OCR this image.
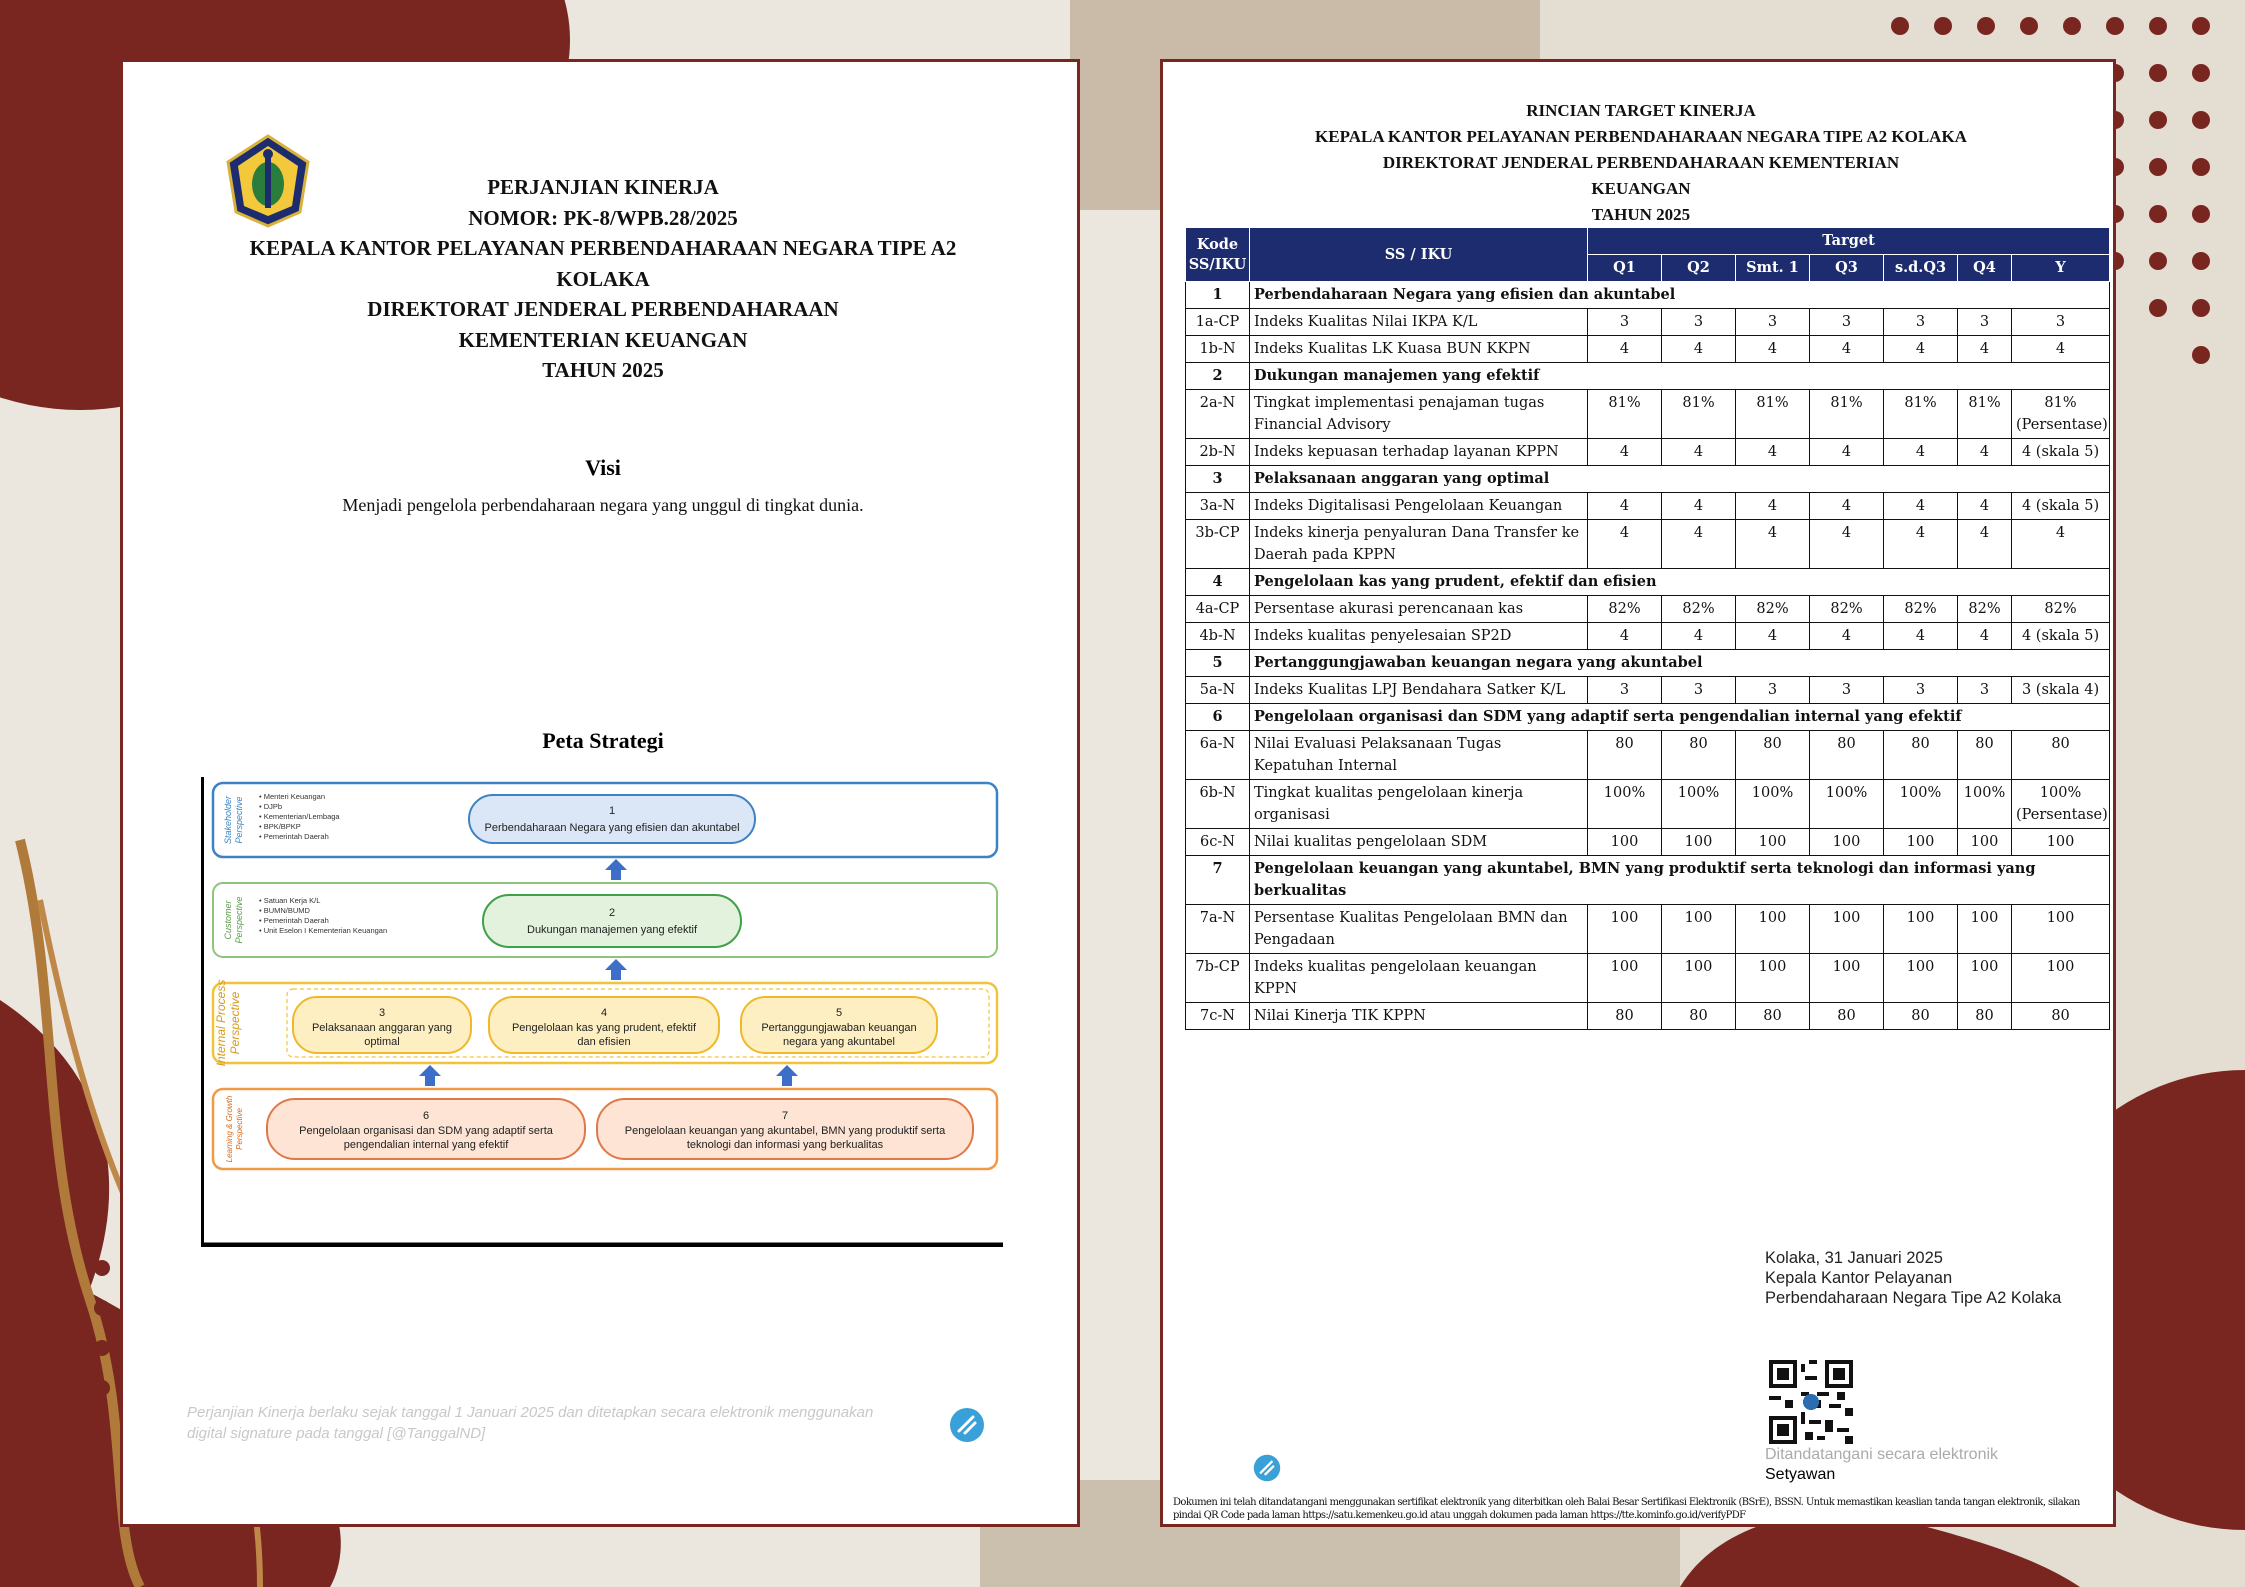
PERJANJIAN KINERJA
NOMOR: PK-8/WPB.28/2025
KEPALA KANTOR PELAYANAN PERBENDAHARAAN NEGARA TIPE A2
KOLAKA
DIREKTORAT JENDERAL PERBENDAHARAAN
KEMENTERIAN KEUANGAN
TAHUN 2025
Visi
Menjadi pengelola perbendaharaan negara yang unggul di tingkat dunia.
Peta Strategi
StakeholderPerspective
CustomerPerspective
Internal ProcessPerspective
Learning & GrowthPerspective
• Menteri Keuangan
• DJPb
• Kementerian/Lembaga
• BPK/BPKP
• Pemerintah Daerah
• Satuan Kerja K/L
• BUMN/BUMD
• Pemerintah Daerah
• Unit Eselon I Kementerian Keuangan
1 Perbendaharaan Negara yang efisien dan akuntabel
2 Dukungan manajemen yang efektif
3 Pelaksanaan anggaran yang optimal
4 Pengelolaan kas yang prudent, efektif dan efisien
5 Pertanggungjawaban keuangan negara yang akuntabel
6 Pengelolaan organisasi dan SDM yang adaptif serta pengendalian internal yang efektif
7 Pengelolaan keuangan yang akuntabel, BMN yang produktif serta teknologi dan informasi yang berkualitas
Perjanjian Kinerja berlaku sejak tanggal 1 Januari 2025 dan ditetapkan secara elektronik menggunakan
digital signature pada tanggal [@TanggalND]
RINCIAN TARGET KINERJA
KEPALA KANTOR PELAYANAN PERBENDAHARAAN NEGARA TIPE A2 KOLAKA
DIREKTORAT JENDERAL PERBENDAHARAAN KEMENTERIAN
KEUANGAN
TAHUN 2025
Kode SS/IKU	SS / IKU	Target						
		Q1	Q2	Smt. 1	Q3	s.d.Q3	Q4	Y
1	Perbendaharaan Negara yang efisien dan akuntabel							
1a-CP	Indeks Kualitas Nilai IKPA K/L	3	3	3	3	3	3	3
1b-N	Indeks Kualitas LK Kuasa BUN KKPN	4	4	4	4	4	4	4
2	Dukungan manajemen yang efektif							
2a-N	Tingkat implementasi penajaman tugas Financial Advisory	81%	81%	81%	81%	81%	81%	81% (Persentase)
2b-N	Indeks kepuasan terhadap layanan KPPN	4	4	4	4	4	4	4 (skala 5)
3	Pelaksanaan anggaran yang optimal							
3a-N	Indeks Digitalisasi Pengelolaan Keuangan	4	4	4	4	4	4	4 (skala 5)
3b-CP	Indeks kinerja penyaluran Dana Transfer ke Daerah pada KPPN	4	4	4	4	4	4	4
4	Pengelolaan kas yang prudent, efektif dan efisien							
4a-CP	Persentase akurasi perencanaan kas	82%	82%	82%	82%	82%	82%	82%
4b-N	Indeks kualitas penyelesaian SP2D	4	4	4	4	4	4	4 (skala 5)
5	Pertanggungjawaban keuangan negara yang akuntabel							
5a-N	Indeks Kualitas LPJ Bendahara Satker K/L	3	3	3	3	3	3	3 (skala 4)
6	Pengelolaan organisasi dan SDM yang adaptif serta pengendalian internal yang efektif							
6a-N	Nilai Evaluasi Pelaksanaan Tugas Kepatuhan Internal	80	80	80	80	80	80	80
6b-N	Tingkat kualitas pengelolaan kinerja organisasi	100%	100%	100%	100%	100%	100%	100% (Persentase)
6c-N	Nilai kualitas pengelolaan SDM	100	100	100	100	100	100	100
7	Pengelolaan keuangan yang akuntabel, BMN yang produktif serta teknologi dan informasi yang berkualitas							
7a-N	Persentase Kualitas Pengelolaan BMN dan Pengadaan	100	100	100	100	100	100	100
7b-CP	Indeks kualitas pengelolaan keuangan KPPN	100	100	100	100	100	100	100
7c-N	Nilai Kinerja TIK KPPN	80	80	80	80	80	80	80
Kolaka, 31 Januari 2025
Kepala Kantor Pelayanan
Perbendaharaan Negara Tipe A2 Kolaka
Ditandatangani secara elektronik
Setyawan
Dokumen ini telah ditandatangani menggunakan sertifikat elektronik yang diterbitkan oleh Balai Besar Sertifikasi Elektronik (BSrE), BSSN. Untuk memastikan keaslian tanda tangan elektronik, silakan pindai QR Code pada laman https://satu.kemenkeu.go.id atau unggah dokumen pada laman https://tte.kominfo.go.id/verifyPDF
